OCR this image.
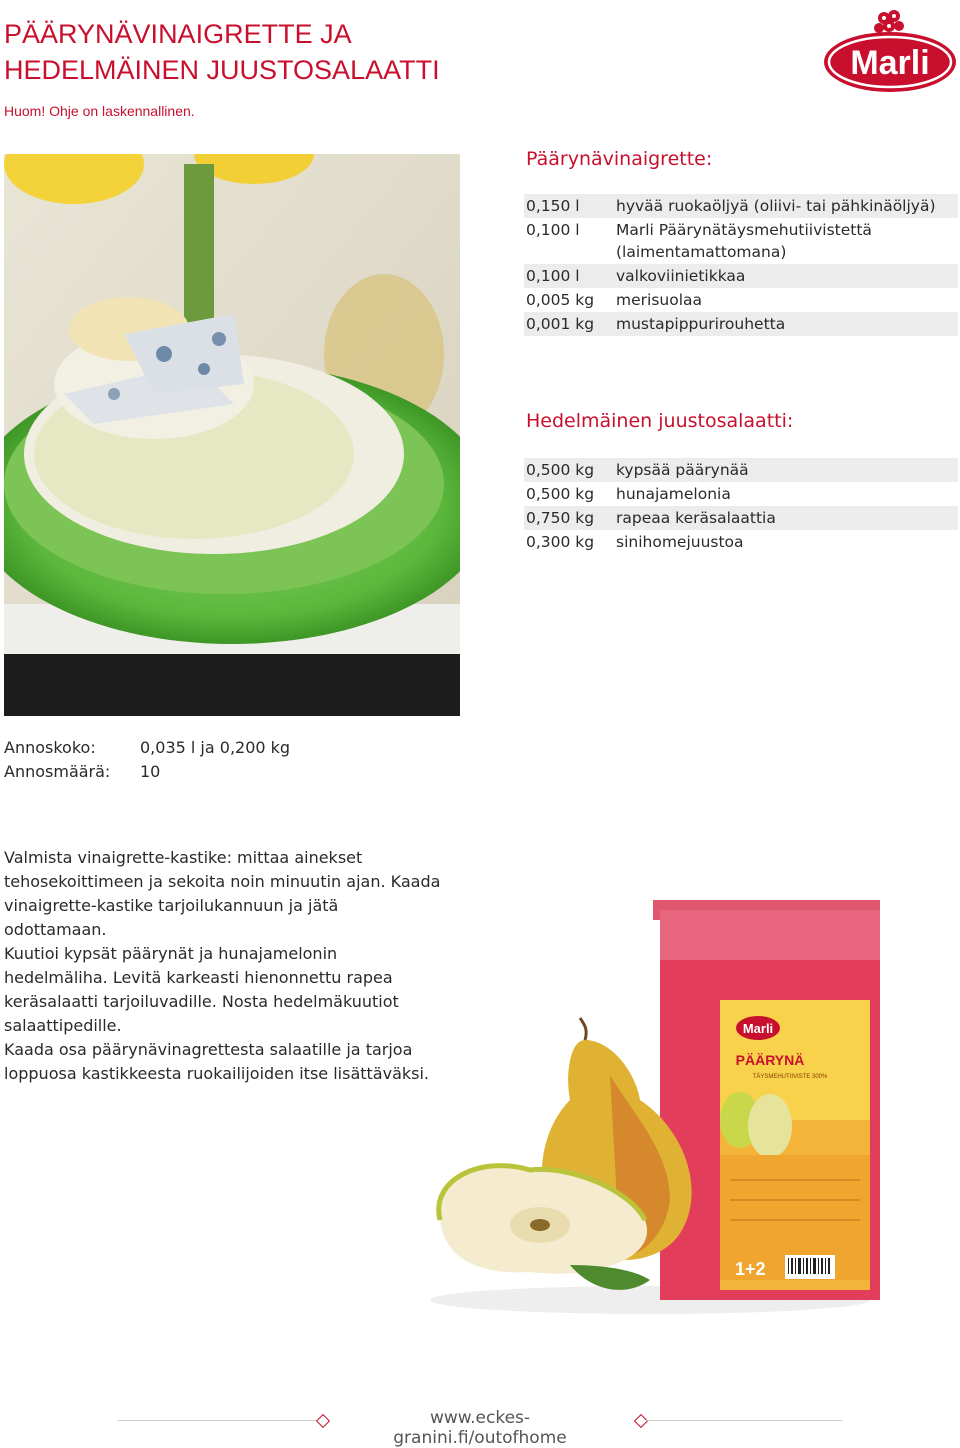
PÄÄRYNÄVINAIGRETTE JA
HEDELMÄINEN JUUSTOSALAATTI
Huom! Ohje on laskennallinen.
Marli
Päärynävinaigrette:
0,150 l	hyvää ruokaöljyä (oliivi- tai pähkinäöljyä)
0,100 l	Marli Päärynätäysmehutiivistettä (laimentamattomana)
0,100 l	valkoviinietikkaa
0,005 kg	merisuolaa
0,001 kg	mustapippurirouhetta
Hedelmäinen juustosalaatti:
0,500 kg	kypsää päärynää
0,500 kg	hunajamelonia
0,750 kg	rapeaa keräsalaattia
0,300 kg	sinihomejuustoa
Annoskoko:	0,035 l ja 0,200 kg
Annosmäärä:	10

Valmista vinaigrette-kastike: mittaa ainekset tehosekoittimeen ja sekoita noin minuutin ajan. Kaada vinaigrette-kastike tarjoilukannuun ja jätä odottamaan.

Kuutioi kypsät päärynät ja hunajamelonin hedelmäliha. Levitä karkeasti hienonnettu rapea keräsalaatti tarjoiluvadille. Nosta hedelmäkuutiot salaattipedille.

Kaada osa päärynävinagrettesta salaatille ja tarjoa loppuosa kastikkeesta ruokailijoiden itse lisättäväksi.

Marli
PÄÄRYNÄ
TÄYSMEHUTIIVISTE 300%
1+2
www.eckes-granini.fi/outofhome
